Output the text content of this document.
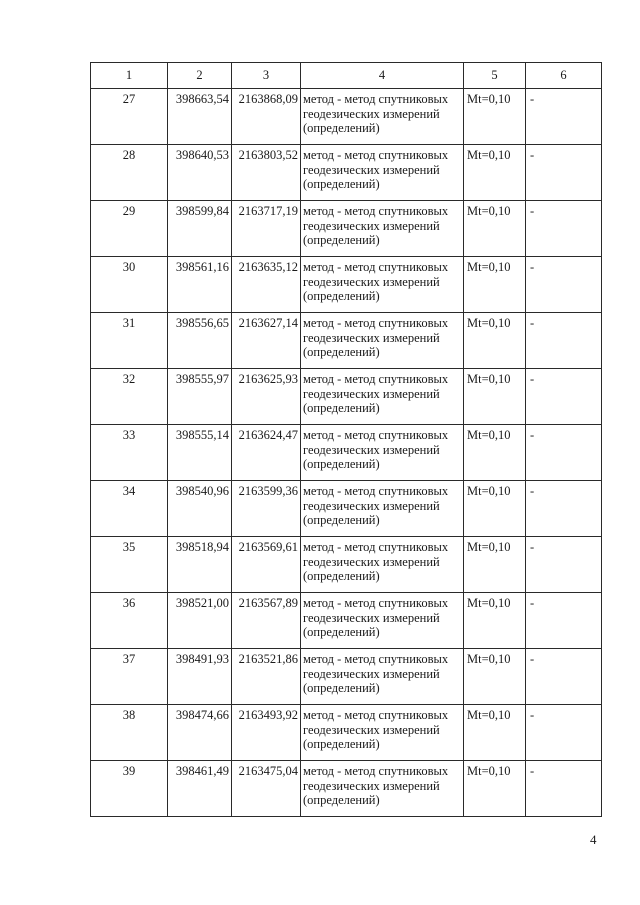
1	2	3	4	5	6
27	398663,54	2163868,09	метод - метод спутниковых геодезических измерений (определений)	Mt=0,10	-
28	398640,53	2163803,52	метод - метод спутниковых геодезических измерений (определений)	Mt=0,10	-
29	398599,84	2163717,19	метод - метод спутниковых геодезических измерений (определений)	Mt=0,10	-
30	398561,16	2163635,12	метод - метод спутниковых геодезических измерений (определений)	Mt=0,10	-
31	398556,65	2163627,14	метод - метод спутниковых геодезических измерений (определений)	Mt=0,10	-
32	398555,97	2163625,93	метод - метод спутниковых геодезических измерений (определений)	Mt=0,10	-
33	398555,14	2163624,47	метод - метод спутниковых геодезических измерений (определений)	Mt=0,10	-
34	398540,96	2163599,36	метод - метод спутниковых геодезических измерений (определений)	Mt=0,10	-
35	398518,94	2163569,61	метод - метод спутниковых геодезических измерений (определений)	Mt=0,10	-
36	398521,00	2163567,89	метод - метод спутниковых геодезических измерений (определений)	Mt=0,10	-
37	398491,93	2163521,86	метод - метод спутниковых геодезических измерений (определений)	Mt=0,10	-
38	398474,66	2163493,92	метод - метод спутниковых геодезических измерений (определений)	Mt=0,10	-
39	398461,49	2163475,04	метод - метод спутниковых геодезических измерений (определений)	Mt=0,10	-
4
